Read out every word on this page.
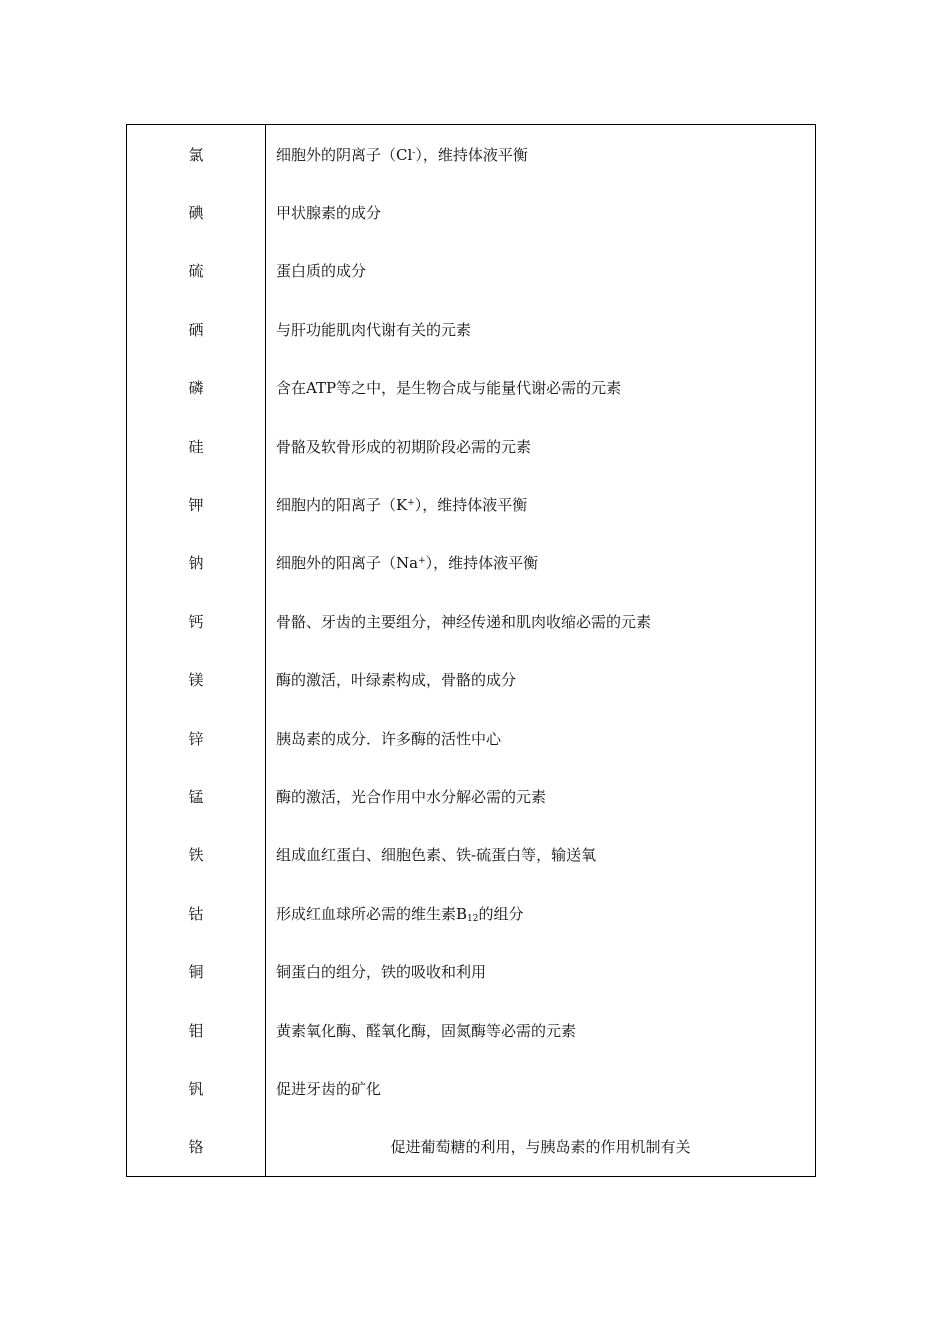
氯	细胞外的阴离子（Cl-），维持体液平衡
碘	甲状腺素的成分
硫	蛋白质的成分
硒	与肝功能肌肉代谢有关的元素
磷	含在ATP等之中，是生物合成与能量代谢必需的元素
硅	骨骼及软骨形成的初期阶段必需的元素
钾	细胞内的阳离子（K+），维持体液平衡
钠	细胞外的阳离子（Na+），维持体液平衡
钙	骨骼、牙齿的主要组分，神经传递和肌肉收缩必需的元素
镁	酶的激活，叶绿素构成，骨骼的成分
锌	胰岛素的成分．许多酶的活性中心
锰	酶的激活，光合作用中水分解必需的元素
铁	组成血红蛋白、细胞色素、铁-硫蛋白等，输送氧
钴	形成红血球所必需的维生素$B_{12}$的组分
铜	铜蛋白的组分，铁的吸收和利用
钼	黄素氧化酶、醛氧化酶，固氮酶等必需的元素
钒	促进牙齿的矿化
铬	促进葡萄糖的利用，与胰岛素的作用机制有关
